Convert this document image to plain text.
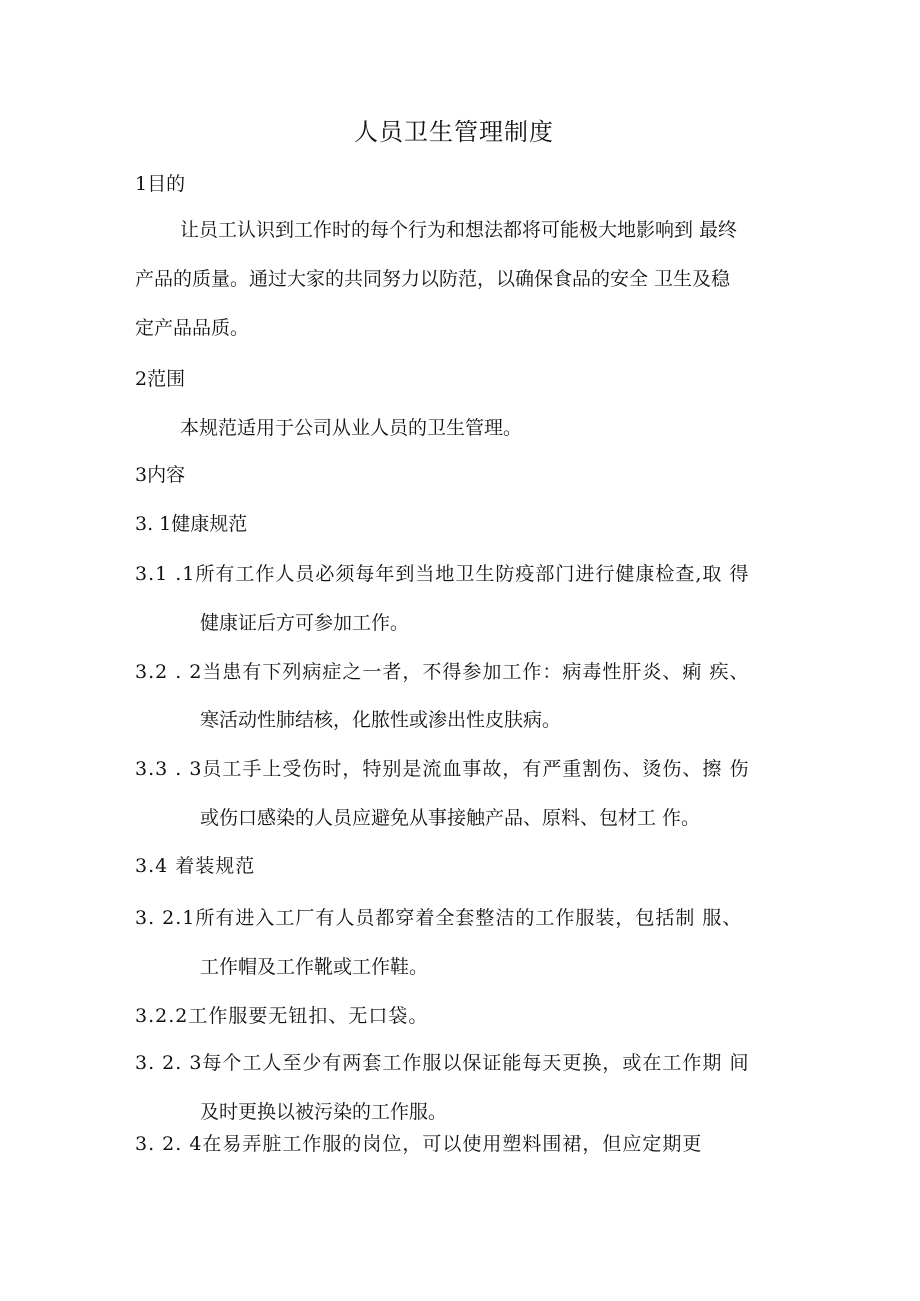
人员卫生管理制度
1目的
让员工认识到工作时的每个行为和想法都将可能极大地影响到 最终
产品的质量。通过大家的共同努力以防范，以确保食品的安全 卫生及稳
定产品品质。
2范围
本规范适用于公司从业人员的卫生管理。
3内容
3. 1健康规范
3.1 .1所有工作人员必须每年到当地卫生防疫部门进行健康检查,取 得
健康证后方可参加工作。
3.2 . 2当患有下列病症之一者，不得参加工作：病毒性肝炎、痢 疾、
寒活动性肺结核，化脓性或渗出性皮肤病。
3.3 . 3员工手上受伤时，特别是流血事故，有严重割伤、烫伤、擦 伤
或伤口感染的人员应避免从事接触产品、原料、包材工 作。
3.4 着装规范
3. 2.1所有进入工厂有人员都穿着全套整洁的工作服装，包括制 服、
工作帽及工作靴或工作鞋。
3.2.2工作服要无钮扣、无口袋。
3. 2. 3每个工人至少有两套工作服以保证能每天更换，或在工作期 间
及时更换以被污染的工作服。
3. 2. 4在易弄脏工作服的岗位，可以使用塑料围裙，但应定期更
